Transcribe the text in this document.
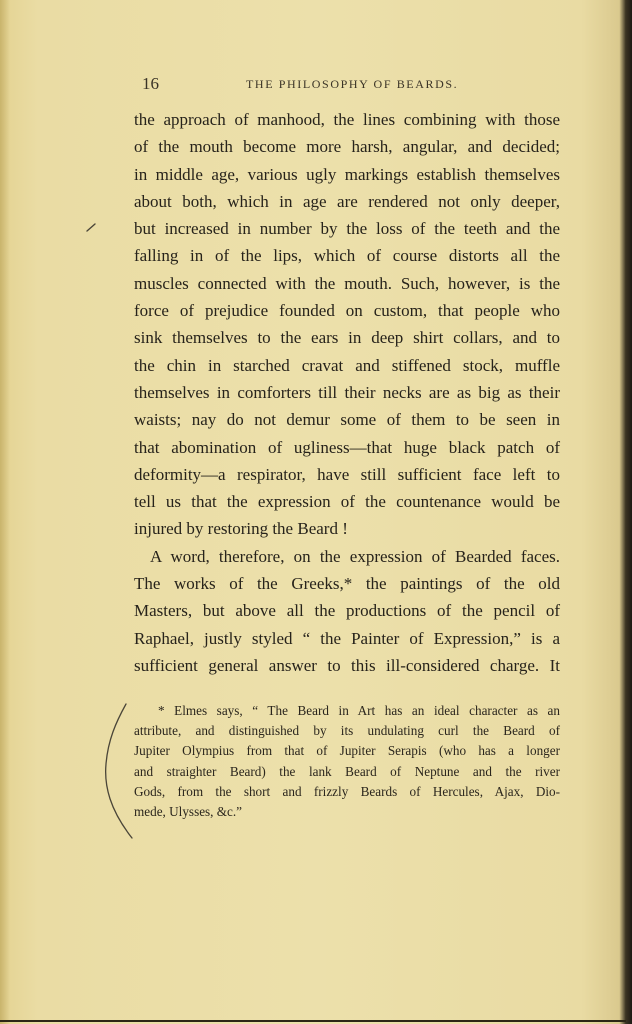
16	THE PHILOSOPHY OF BEARDS.
the approach of manhood, the lines combining with those
of the mouth become more harsh, angular, and decided;
in middle age, various ugly markings establish themselves
about both, which in age are rendered not only deeper,
but increased in number by the loss of the teeth and the
falling in of the lips, which of course distorts all the
muscles connected with the mouth. Such, however, is the
force of prejudice founded on custom, that people who
sink themselves to the ears in deep shirt collars, and to
the chin in starched cravat and stiffened stock, muffle
themselves in comforters till their necks are as big as their
waists; nay do not demur some of them to be seen in
that abomination of ugliness—that huge black patch of
deformity—a respirator, have still sufficient face left to
tell us that the expression of the countenance would be
injured by restoring the Beard !
A word, therefore, on the expression of Bearded faces.
The works of the Greeks,* the paintings of the old
Masters, but above all the productions of the pencil of
Raphael, justly styled “ the Painter of Expression,” is a
sufficient general answer to this ill-considered charge. It
* Elmes says, “ The Beard in Art has an ideal character as an
attribute, and distinguished by its undulating curl the Beard of
Jupiter Olympius from that of Jupiter Serapis (who has a longer
and straighter Beard) the lank Beard of Neptune and the river
Gods, from the short and frizzly Beards of Hercules, Ajax, Dio-
mede, Ulysses, &c.”
